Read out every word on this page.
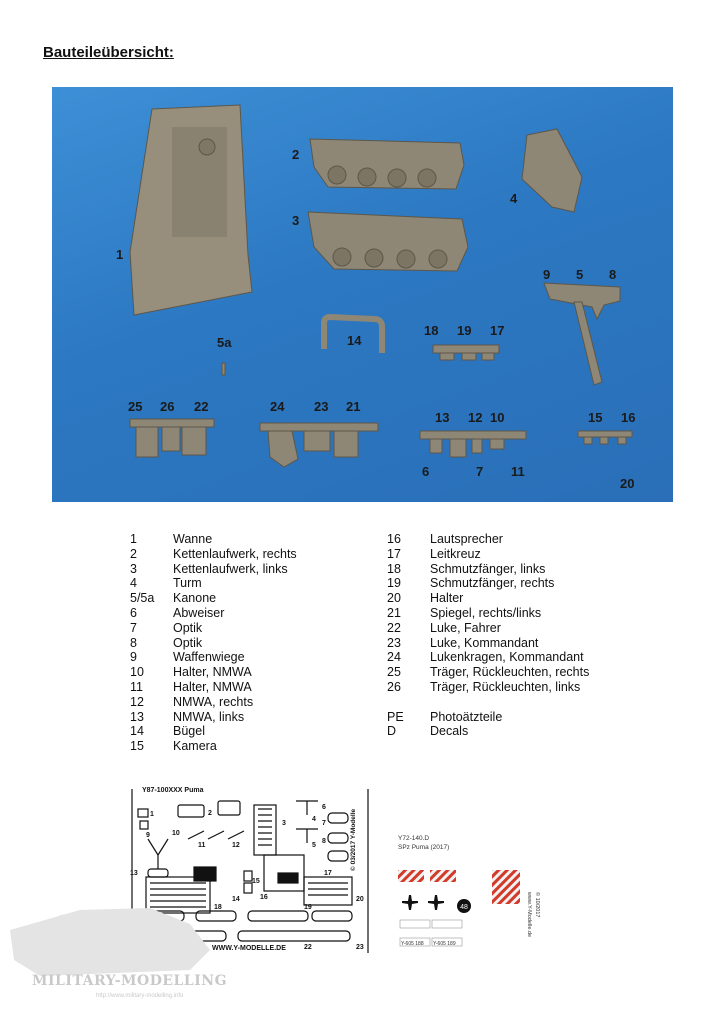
Bauteileübersicht:
1
2
3
4
5a	14
18 19 17
9 5 8
25 26 22	24 23 21
13 12 10	15 16
6	7 11
20
1	Wanne
2	Kettenlaufwerk, rechts
3	Kettenlaufwerk, links
4	Turm
5/5a	Kanone
6	Abweiser
7	Optik
8	Optik
9	Waffenwiege
10	Halter, NMWA
11	Halter, NMWA
12	NMWA, rechts
13	NMWA, links
14	Bügel
15	Kamera
16	Lautsprecher
17	Leitkreuz
18	Schmutzfänger, links
19	Schmutzfänger, rechts
20	Halter
21	Spiegel, rechts/links
22	Luke, Fahrer
23	Luke, Kommandant
24	Lukenkragen, Kommandant
25	Träger, Rückleuchten, rechts
26	Träger, Rückleuchten, links
PE	Photoätzteile
D	Decals
1	2
3
4
5
6
7
8
9	10
11	12
13
14
15
16
17
18	19
20
22	23
Y87-100XXX Puma
WWW.Y-MODELLE.DE
© 03/2017 Y-Modelle	Y72-140.D
SPz Puma (2017)
48
Y-605 188 Y-605 189
© 10/2017
www.Y-Modelle.de
MILITARY-MODELLING
http://www.military-modelling.info
